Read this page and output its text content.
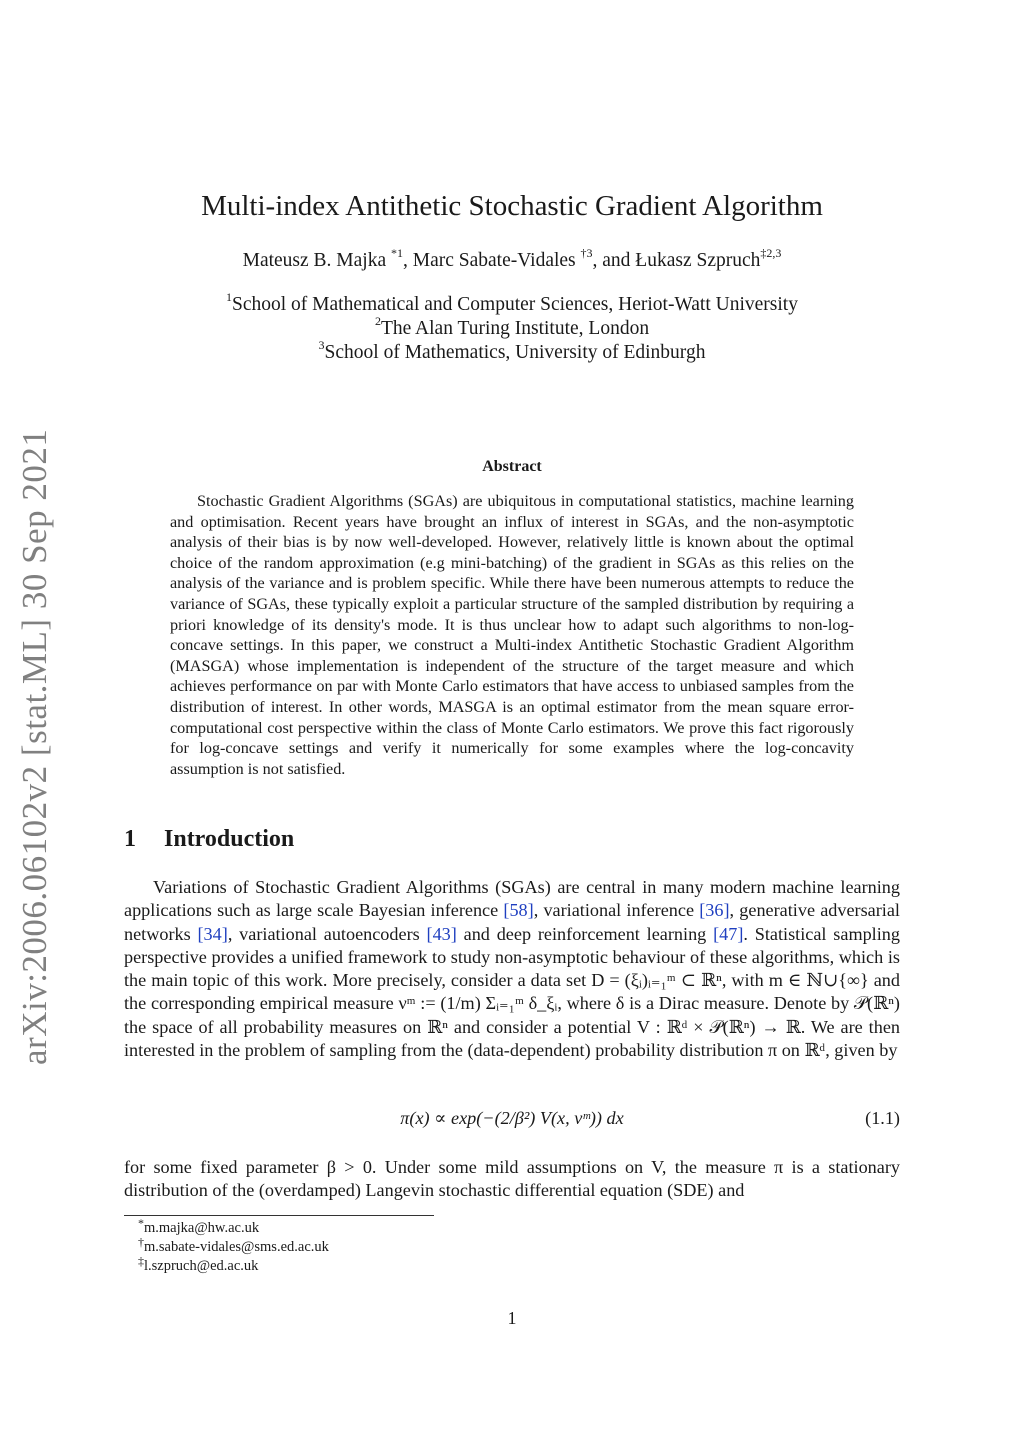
arXiv:2006.06102v2 [stat.ML] 30 Sep 2021
Multi-index Antithetic Stochastic Gradient Algorithm
Mateusz B. Majka $^{*1}$, Marc Sabate-Vidales $^{\dagger 3}$, and Łukasz Szpruch$^{\ddagger 2,3}$
$^1$School of Mathematical and Computer Sciences, Heriot-Watt University
$^2$The Alan Turing Institute, London
$^3$School of Mathematics, University of Edinburgh
Abstract
Stochastic Gradient Algorithms (SGAs) are ubiquitous in computational statistics, machine learning and optimisation. Recent years have brought an influx of interest in SGAs, and the non-asymptotic analysis of their bias is by now well-developed. However, relatively little is known about the optimal choice of the random approximation (e.g mini-batching) of the gradient in SGAs as this relies on the analysis of the variance and is problem specific. While there have been numerous attempts to reduce the variance of SGAs, these typically exploit a particular structure of the sampled distribution by requiring a priori knowledge of its density's mode. It is thus unclear how to adapt such algorithms to non-log-concave settings. In this paper, we construct a Multi-index Antithetic Stochastic Gradient Algorithm (MASGA) whose implementation is independent of the structure of the target measure and which achieves performance on par with Monte Carlo estimators that have access to unbiased samples from the distribution of interest. In other words, MASGA is an optimal estimator from the mean square error-computational cost perspective within the class of Monte Carlo estimators. We prove this fact rigorously for log-concave settings and verify it numerically for some examples where the log-concavity assumption is not satisfied.
1 Introduction
Variations of Stochastic Gradient Algorithms (SGAs) are central in many modern machine learning applications such as large scale Bayesian inference [58], variational inference [36], generative adversarial networks [34], variational autoencoders [43] and deep reinforcement learning [47]. Statistical sampling perspective provides a unified framework to study non-asymptotic behaviour of these algorithms, which is the main topic of this work. More precisely, consider a data set D = (ξᵢ)ᵢ₌₁ᵐ ⊂ ℝⁿ, with m ∈ ℕ∪{∞} and the corresponding empirical measure νᵐ := (1/m) Σᵢ₌₁ᵐ δ_ξᵢ, where δ is a Dirac measure. Denote by 𝒫(ℝⁿ) the space of all probability measures on ℝⁿ and consider a potential V : ℝᵈ × 𝒫(ℝⁿ) → ℝ. We are then interested in the problem of sampling from the (data-dependent) probability distribution π on ℝᵈ, given by
π(x) ∝ exp(−(2/β²) V(x, νᵐ)) dx	(1.1)
for some fixed parameter β > 0. Under some mild assumptions on V, the measure π is a stationary distribution of the (overdamped) Langevin stochastic differential equation (SDE) and
*m.majka@hw.ac.uk
†m.sabate-vidales@sms.ed.ac.uk
‡l.szpruch@ed.ac.uk
1
